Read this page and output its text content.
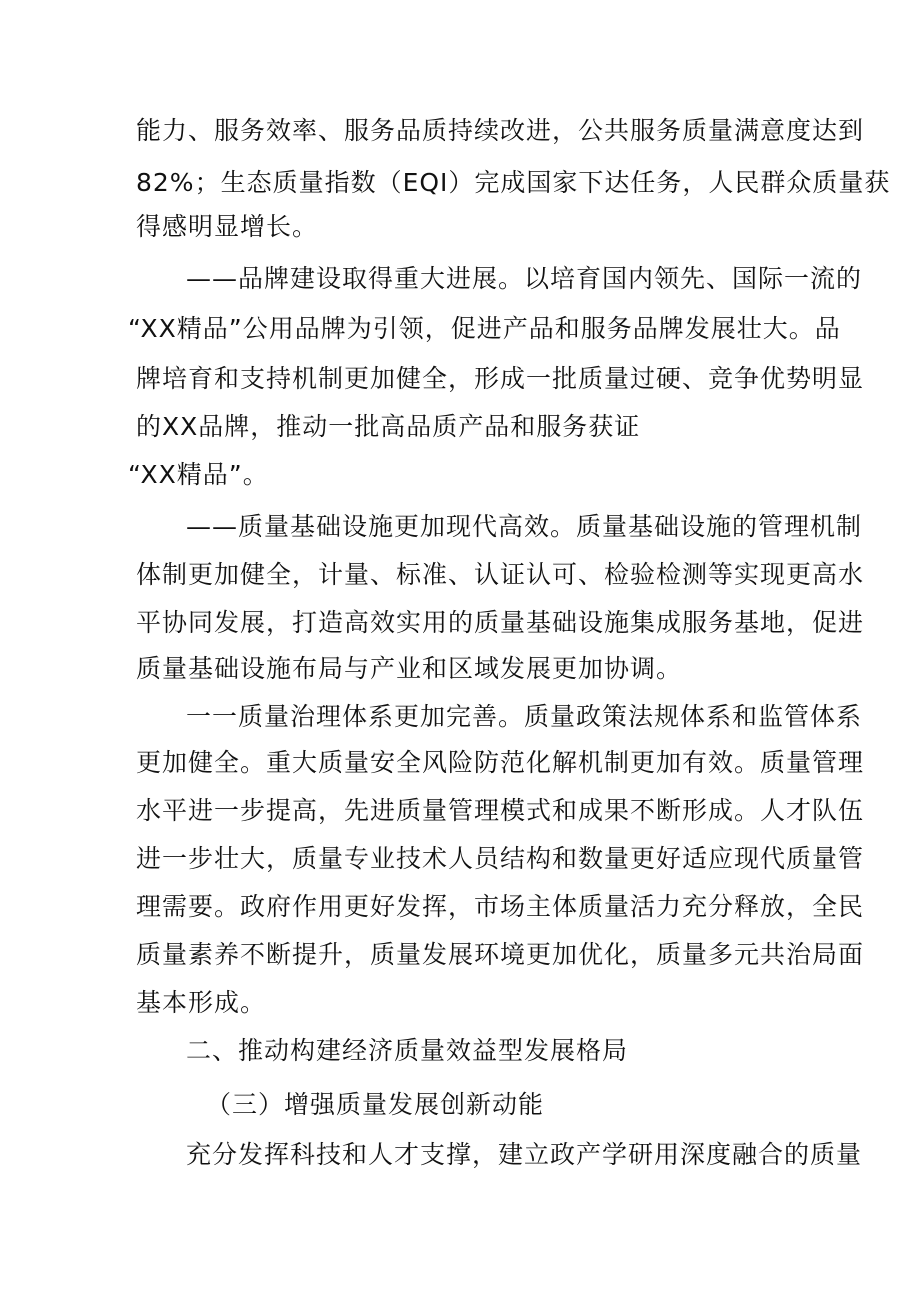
能力、服务效率、服务品质持续改进，公共服务质量满意度达到
82%；生态质量指数（EQI）完成国家下达任务，人民群众质量获
得感明显增长。
——品牌建设取得重大进展。以培育国内领先、国际一流的
“XX精品”公用品牌为引领，促进产品和服务品牌发展壮大。品
牌培育和支持机制更加健全，形成一批质量过硬、竞争优势明显
的XX品牌，推动一批高品质产品和服务获证
“XX精品”。
——质量基础设施更加现代高效。质量基础设施的管理机制
体制更加健全，计量、标准、认证认可、检验检测等实现更高水
平协同发展，打造高效实用的质量基础设施集成服务基地，促进
质量基础设施布局与产业和区域发展更加协调。
一一质量治理体系更加完善。质量政策法规体系和监管体系
更加健全。重大质量安全风险防范化解机制更加有效。质量管理
水平进一步提高，先进质量管理模式和成果不断形成。人才队伍
进一步壮大，质量专业技术人员结构和数量更好适应现代质量管
理需要。政府作用更好发挥，市场主体质量活力充分释放，全民
质量素养不断提升，质量发展环境更加优化，质量多元共治局面
基本形成。
二、推动构建经济质量效益型发展格局
（三）增强质量发展创新动能
充分发挥科技和人才支撑，建立政产学研用深度融合的质量
